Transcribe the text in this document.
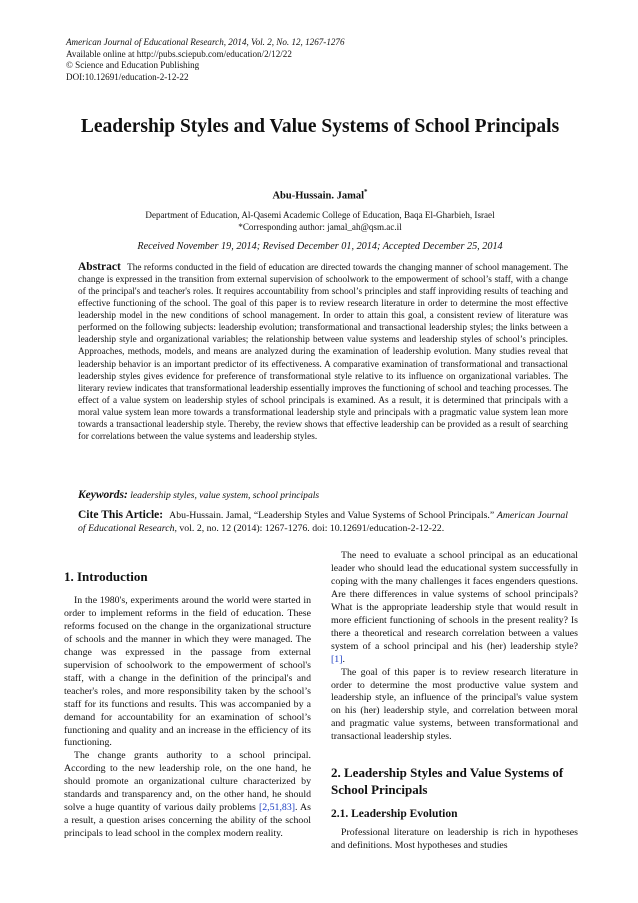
American Journal of Educational Research, 2014, Vol. 2, No. 12, 1267-1276
Available online at http://pubs.sciepub.com/education/2/12/22
© Science and Education Publishing
DOI:10.12691/education-2-12-22
Leadership Styles and Value Systems of School Principals
Abu-Hussain. Jamal*
Department of Education, Al-Qasemi Academic College of Education, Baqa El-Gharbieh, Israel
*Corresponding author: jamal_ah@qsm.ac.il
Received November 19, 2014; Revised December 01, 2014; Accepted December 25, 2014
Abstract The reforms conducted in the field of education are directed towards the changing manner of school management. The change is expressed in the transition from external supervision of schoolwork to the empowerment of school’s staff, with a change of the principal's and teacher's roles. It requires accountability from school’s principles and staff inproviding results of teaching and effective functioning of the school. The goal of this paper is to review research literature in order to determine the most effective leadership model in the new conditions of school management. In order to attain this goal, a consistent review of literature was performed on the following subjects: leadership evolution; transformational and transactional leadership styles; the links between a leadership style and organizational variables; the relationship between value systems and leadership styles of school’s principles. Approaches, methods, models, and means are analyzed during the examination of leadership evolution. Many studies reveal that leadership behavior is an important predictor of its effectiveness. A comparative examination of transformational and transactional leadership styles gives evidence for preference of transformational style relative to its influence on organizational variables. The literary review indicates that transformational leadership essentially improves the functioning of school and teaching processes. The effect of a value system on leadership styles of school principals is examined. As a result, it is determined that principals with a moral value system lean more towards a transformational leadership style and principals with a pragmatic value system lean more towards a transactional leadership style. Thereby, the review shows that effective leadership can be provided as a result of searching for correlations between the value systems and leadership styles.
Keywords: leadership styles, value system, school principals
Cite This Article: Abu-Hussain. Jamal, “Leadership Styles and Value Systems of School Principals.” American Journal of Educational Research, vol. 2, no. 12 (2014): 1267-1276. doi: 10.12691/education-2-12-22.
1. Introduction

In the 1980's, experiments around the world were started in order to implement reforms in the field of education. These reforms focused on the change in the organizational structure of schools and the manner in which they were managed. The change was expressed in the passage from external supervision of schoolwork to the empowerment of school's staff, with a change in the definition of the principal's and teacher's roles, and more responsibility taken by the school’s staff for its functions and results. This was accompanied by a demand for accountability for an examination of school’s functioning and quality and an increase in the efficiency of its functioning.

The change grants authority to a school principal. According to the new leadership role, on the one hand, he should promote an organizational culture characterized by standards and transparency and, on the other hand, he should solve a huge quantity of various daily problems [2,51,83]. As a result, a question arises concerning the ability of the school principals to lead school in the complex modern reality.

The need to evaluate a school principal as an educational leader who should lead the educational system successfully in coping with the many challenges it faces engenders questions. Are there differences in value systems of school principals? What is the appropriate leadership style that would result in more efficient functioning of schools in the present reality? Is there a theoretical and research correlation between a values system of a school principal and his (her) leadership style? [1].

The goal of this paper is to review research literature in order to determine the most productive value system and leadership style, an influence of the principal's value system on his (her) leadership style, and correlation between moral and pragmatic value systems, between transformational and transactional leadership styles.

2. Leadership Styles and Value Systems of School Principals
2.1. Leadership Evolution

Professional literature on leadership is rich in hypotheses and definitions. Most hypotheses and studies
